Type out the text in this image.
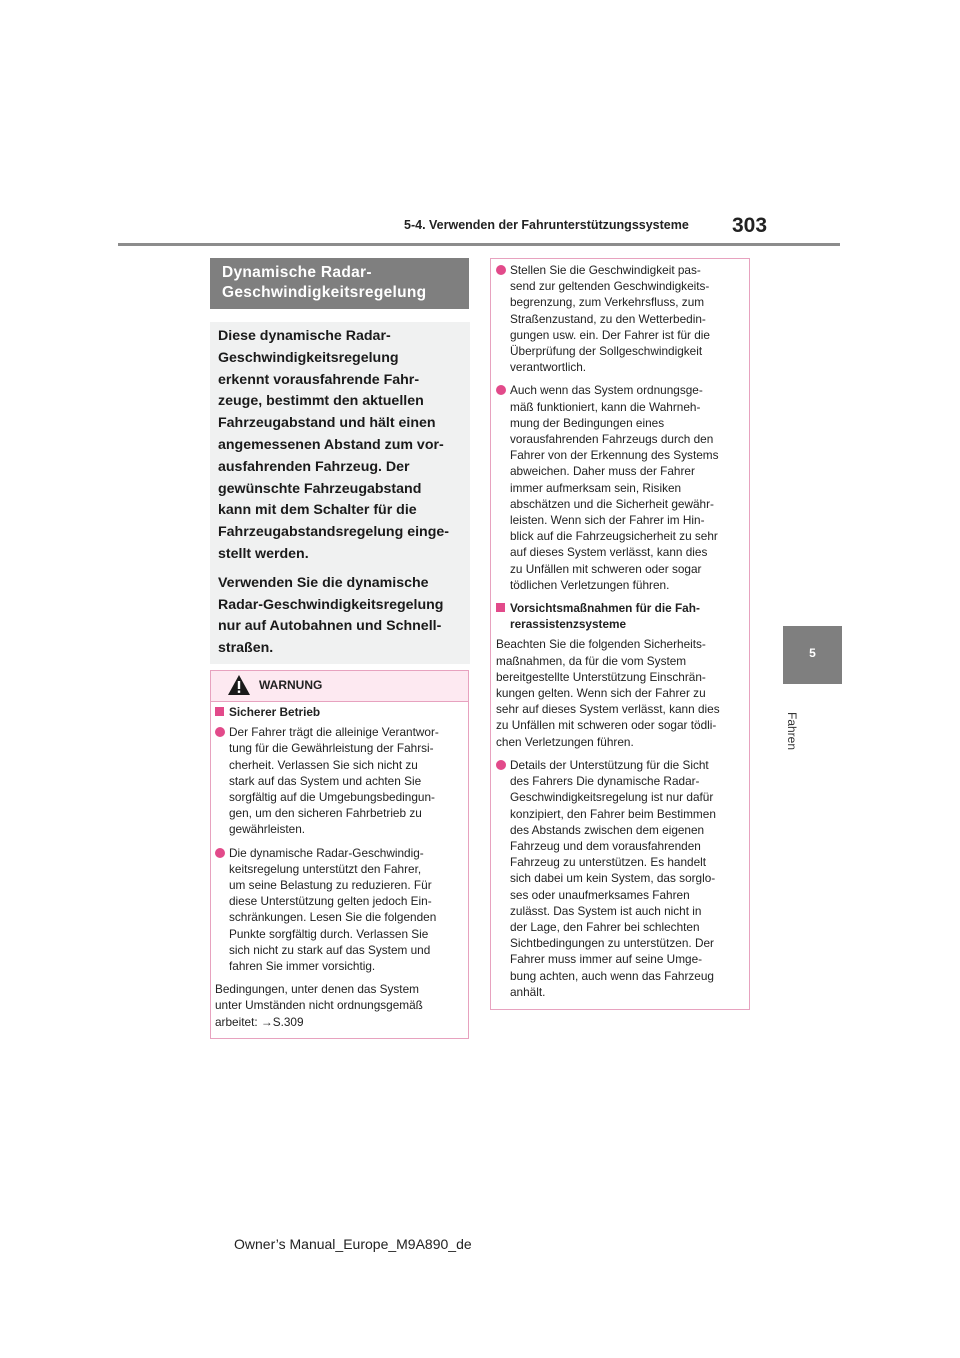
5-4. Verwenden der Fahrunterstützungssysteme 303
5
Fahren
Dynamische Radar-
Geschwindigkeitsregelung

Diese dynamische Radar-
Geschwindigkeitsregelung
erkennt vorausfahrende Fahr-
zeuge, bestimmt den aktuellen
Fahrzeugabstand und hält einen
angemessenen Abstand zum vor-
ausfahrenden Fahrzeug. Der
gewünschte Fahrzeugabstand
kann mit dem Schalter für die
Fahrzeugabstandsregelung einge-
stellt werden.

Verwenden Sie die dynamische
Radar-Geschwindigkeitsregelung
nur auf Autobahnen und Schnell-
straßen.

WARNUNG
Sicherer Betrieb
Der Fahrer trägt die alleinige Verantwor-
tung für die Gewährleistung der Fahrsi-
cherheit. Verlassen Sie sich nicht zu
stark auf das System und achten Sie
sorgfältig auf die Umgebungsbedingun-
gen, um den sicheren Fahrbetrieb zu
gewährleisten.
Die dynamische Radar-Geschwindig-
keitsregelung unterstützt den Fahrer,
um seine Belastung zu reduzieren. Für
diese Unterstützung gelten jedoch Ein-
schränkungen. Lesen Sie die folgenden
Punkte sorgfältig durch. Verlassen Sie
sich nicht zu stark auf das System und
fahren Sie immer vorsichtig.

Bedingungen, unter denen das System
unter Umständen nicht ordnungsgemäß
arbeitet: →S.309

Stellen Sie die Geschwindigkeit pas-
send zur geltenden Geschwindigkeits-
begrenzung, zum Verkehrsfluss, zum
Straßenzustand, zu den Wetterbedin-
gungen usw. ein. Der Fahrer ist für die
Überprüfung der Sollgeschwindigkeit
verantwortlich.
Auch wenn das System ordnungsge-
mäß funktioniert, kann die Wahrneh-
mung der Bedingungen eines
vorausfahrenden Fahrzeugs durch den
Fahrer von der Erkennung des Systems
abweichen. Daher muss der Fahrer
immer aufmerksam sein, Risiken
abschätzen und die Sicherheit gewähr-
leisten. Wenn sich der Fahrer im Hin-
blick auf die Fahrzeugsicherheit zu sehr
auf dieses System verlässt, kann dies
zu Unfällen mit schweren oder sogar
tödlichen Verletzungen führen.
Vorsichtsmaßnahmen für die Fah-
rerassistenzsysteme

Beachten Sie die folgenden Sicherheits-
maßnahmen, da für die vom System
bereitgestellte Unterstützung Einschrän-
kungen gelten. Wenn sich der Fahrer zu
sehr auf dieses System verlässt, kann dies
zu Unfällen mit schweren oder sogar tödli-
chen Verletzungen führen.

Details der Unterstützung für die Sicht
des Fahrers Die dynamische Radar-
Geschwindigkeitsregelung ist nur dafür
konzipiert, den Fahrer beim Bestimmen
des Abstands zwischen dem eigenen
Fahrzeug und dem vorausfahrenden
Fahrzeug zu unterstützen. Es handelt
sich dabei um kein System, das sorglo-
ses oder unaufmerksames Fahren
zulässt. Das System ist auch nicht in
der Lage, den Fahrer bei schlechten
Sichtbedingungen zu unterstützen. Der
Fahrer muss immer auf seine Umge-
bung achten, auch wenn das Fahrzeug
anhält.
Owner’s Manual_Europe_M9A890_de
